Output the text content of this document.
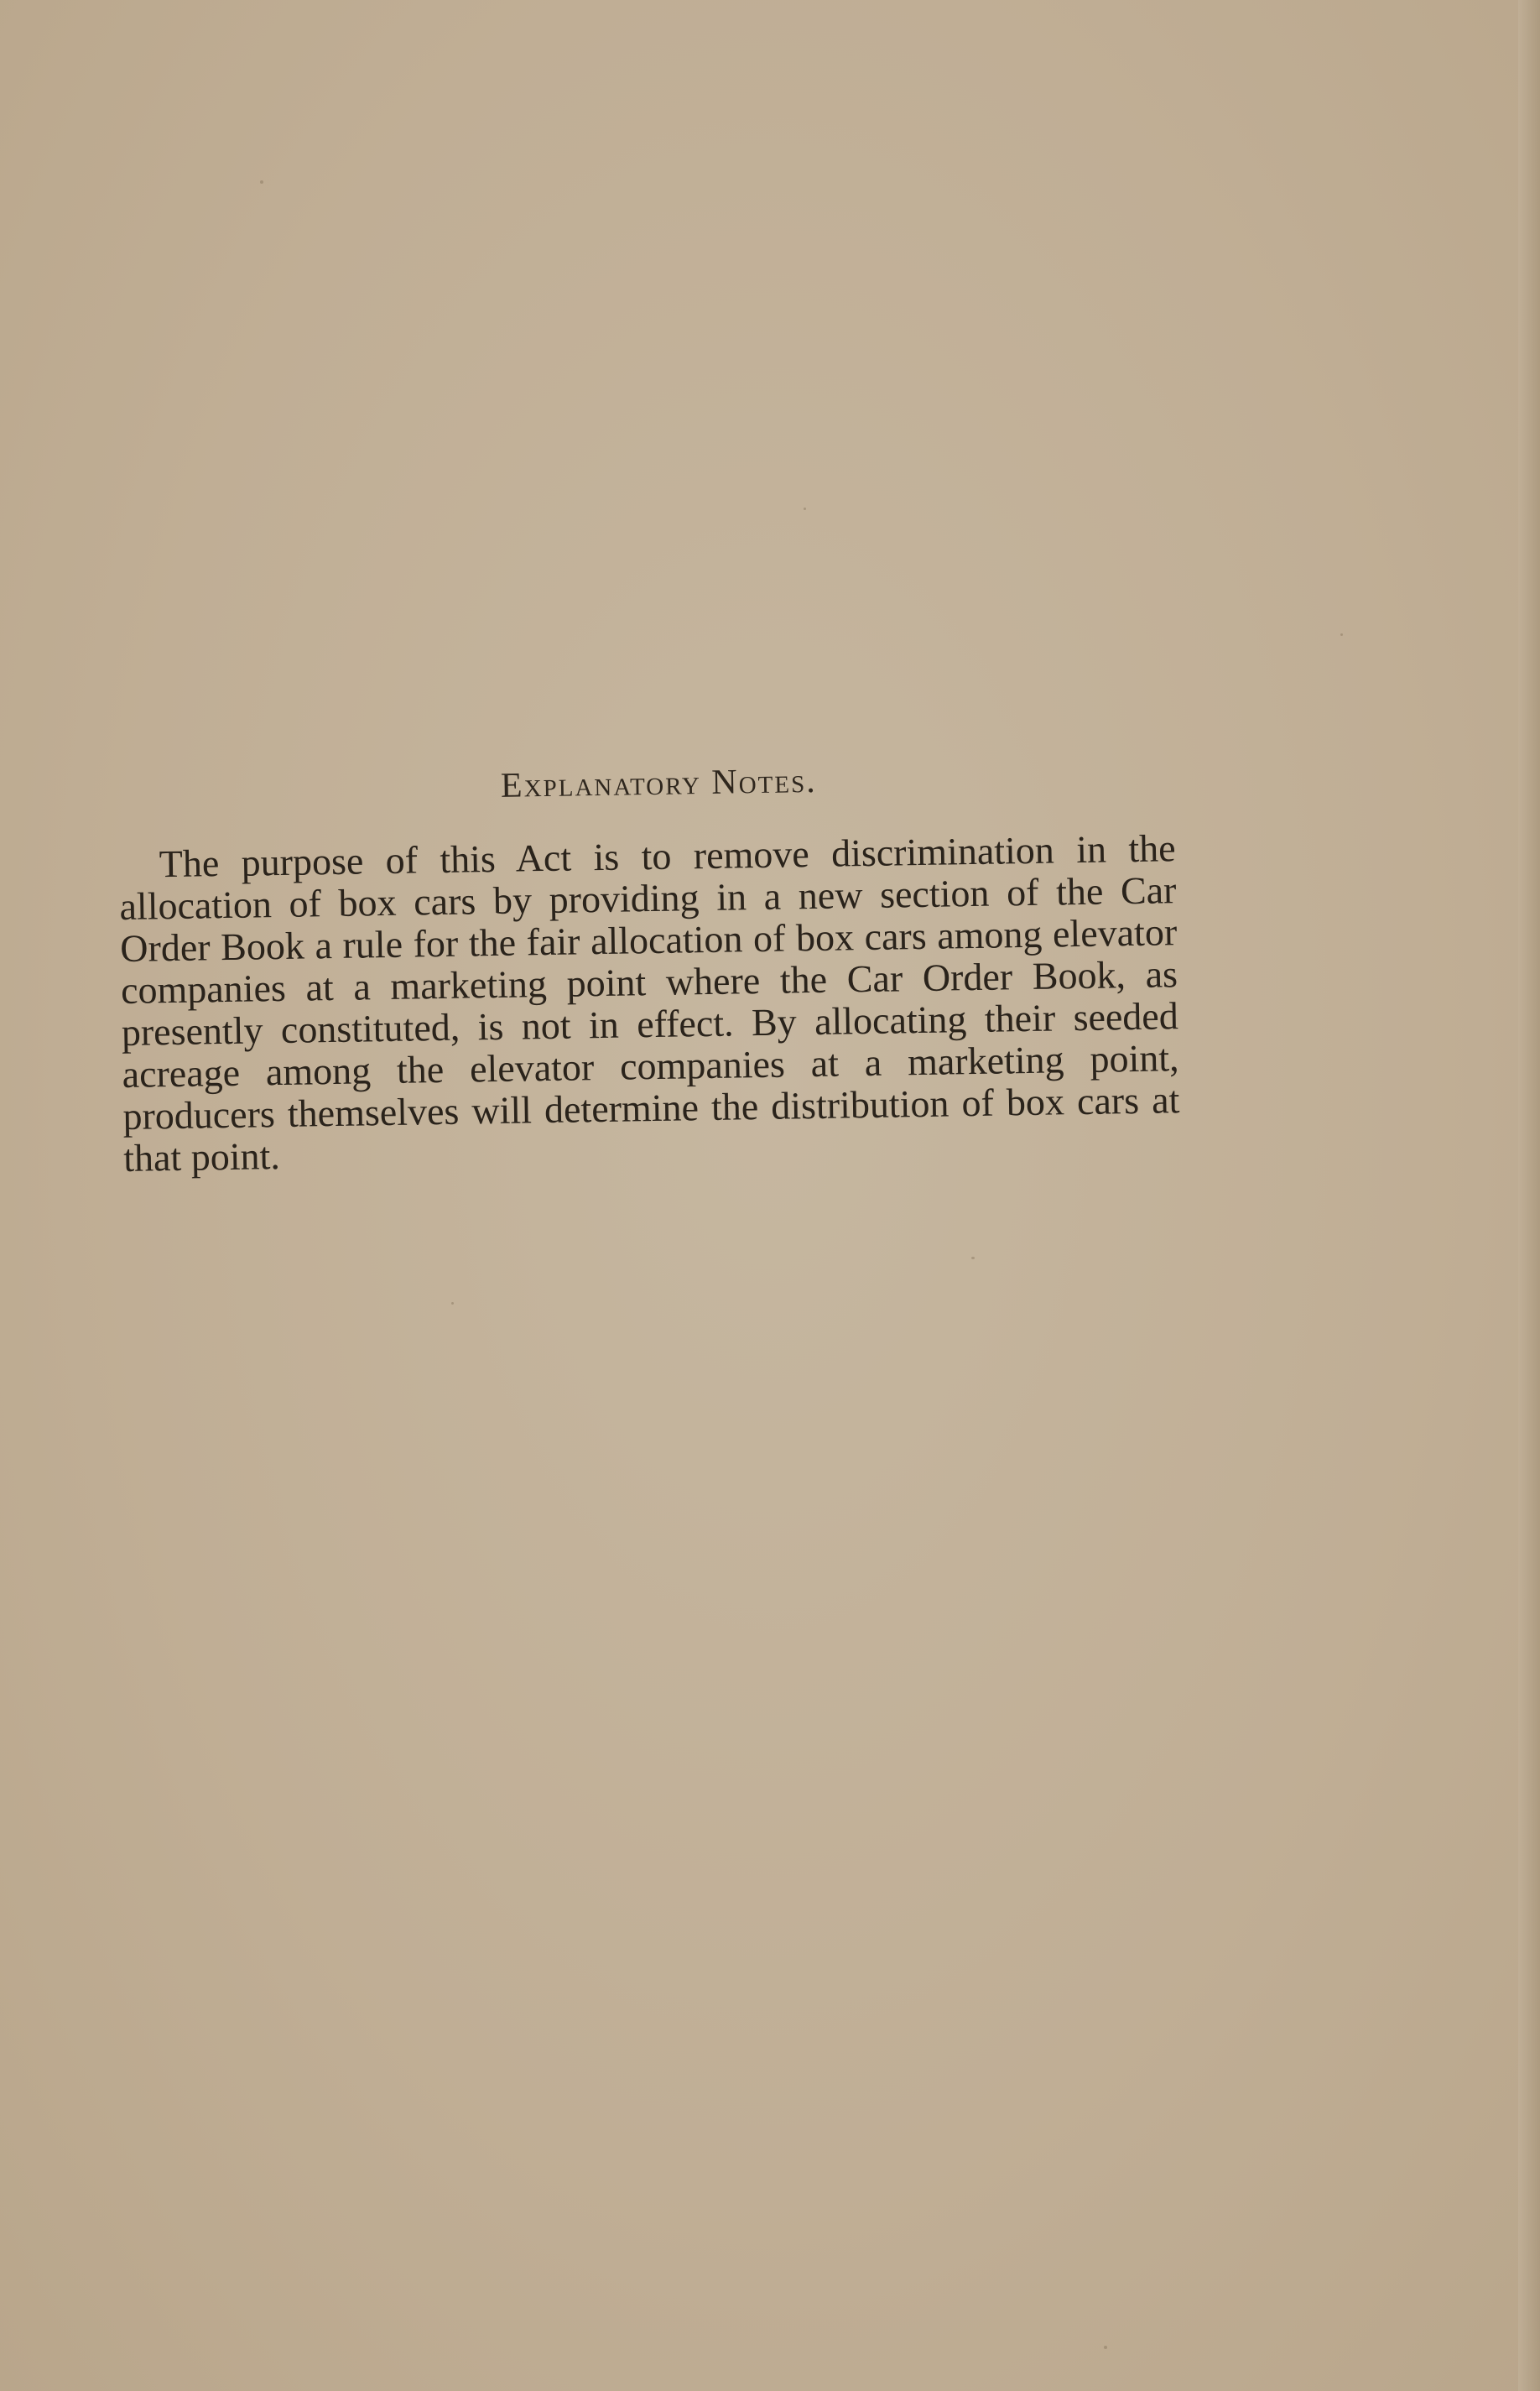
Explanatory Notes.

The purpose of this Act is to remove discrimination in the allocation of box cars by providing in a new section of the Car Order Book a rule for the fair allocation of box cars among elevator companies at a marketing point where the Car Order Book, as presently constituted, is not in effect. By allocating their seeded acreage among the elevator companies at a marketing point, producers themselves will determine the distribution of box cars at that point.
